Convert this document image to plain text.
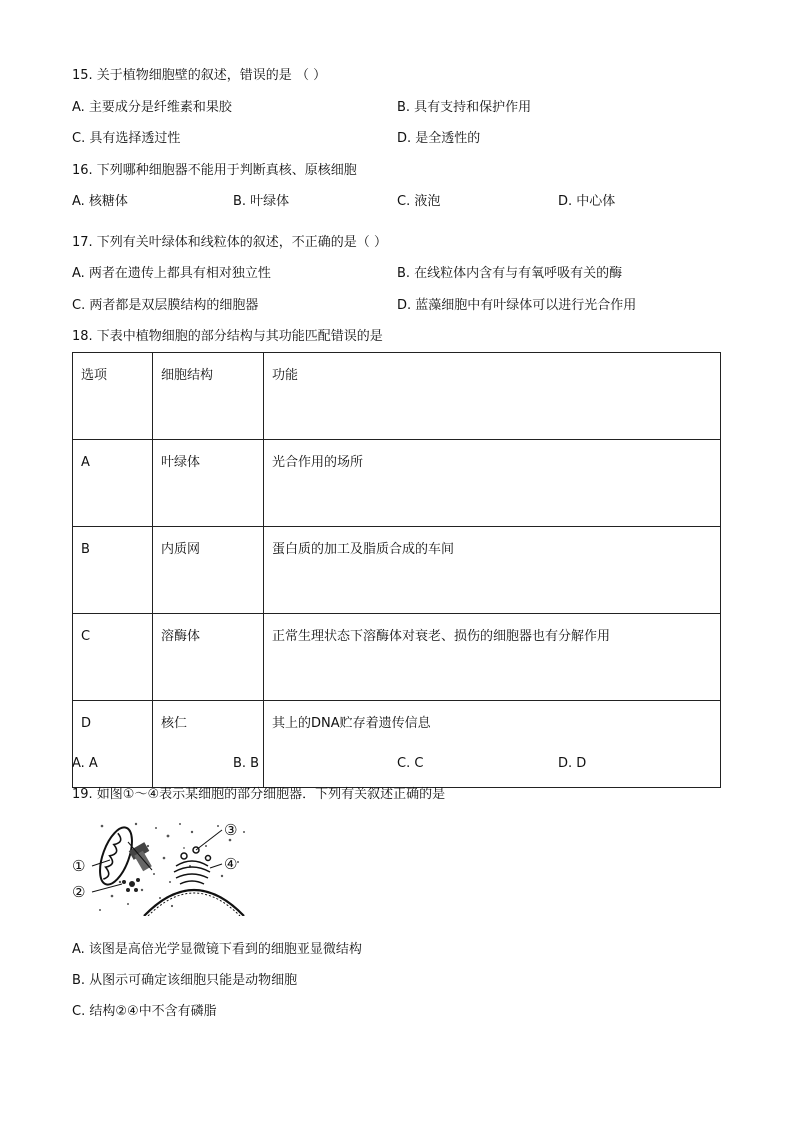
15. 关于植物细胞壁的叙述，错误的是 （ ）
A. 主要成分是纤维素和果胶	B. 具有支持和保护作用
C. 具有选择透过性	D. 是全透性的
16. 下列哪种细胞器不能用于判断真核、原核细胞
A. 核糖体	B. 叶绿体	C. 液泡	D. 中心体
17. 下列有关叶绿体和线粒体的叙述，不正确的是（ ）
A. 两者在遗传上都具有相对独立性	B. 在线粒体内含有与有氧呼吸有关的酶
C. 两者都是双层膜结构的细胞器	D. 蓝藻细胞中有叶绿体可以进行光合作用
18. 下表中植物细胞的部分结构与其功能匹配错误的是
选项	细胞结构	功能
A	叶绿体	光合作用的场所
B	内质网	蛋白质的加工及脂质合成的车间
C	溶酶体	正常生理状态下溶酶体对衰老、损伤的细胞器也有分解作用
D	核仁	其上的DNA贮存着遗传信息
A. A	B. B	C. C	D. D
19. 如图①～④表示某细胞的部分细胞器．下列有关叙述正确的是
①
②
③
④
A. 该图是高倍光学显微镜下看到的细胞亚显微结构
B. 从图示可确定该细胞只能是动物细胞
C. 结构②④中不含有磷脂
